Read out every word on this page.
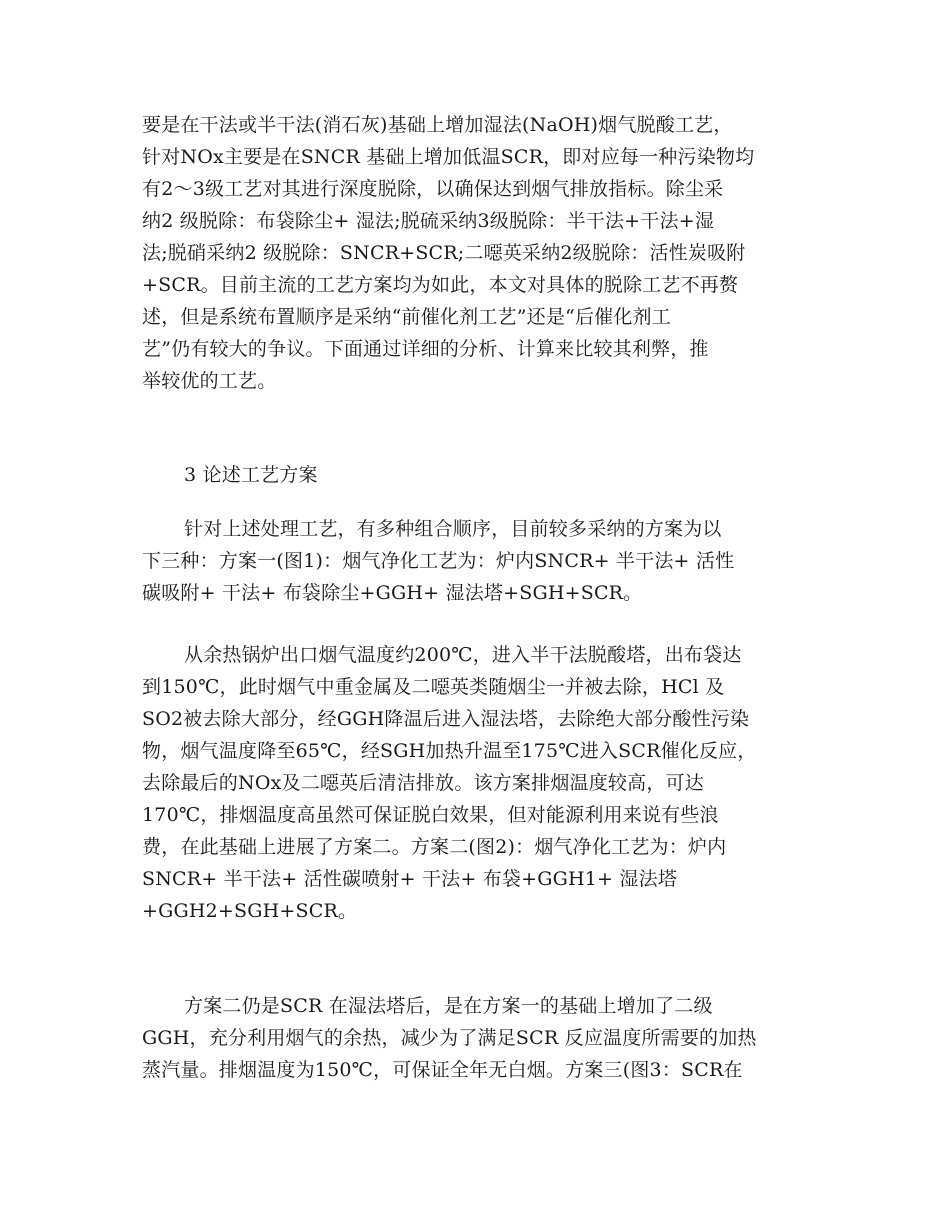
要是在干法或半干法(消石灰)基础上增加湿法(NaOH)烟气脱酸工艺，
针对NOx主要是在SNCR 基础上增加低温SCR，即对应每一种污染物均
有2～3级工艺对其进行深度脱除，以确保达到烟气排放指标。除尘采
纳2 级脱除：布袋除尘+ 湿法;脱硫采纳3级脱除：半干法+干法+湿
法;脱硝采纳2 级脱除：SNCR+SCR;二噁英采纳2级脱除：活性炭吸附
+SCR。目前主流的工艺方案均为如此，本文对具体的脱除工艺不再赘
述，但是系统布置顺序是采纳“前催化剂工艺”还是“后催化剂工
艺”仍有较大的争议。下面通过详细的分析、计算来比较其利弊，推
举较优的工艺。

3 论述工艺方案

针对上述处理工艺，有多种组合顺序，目前较多采纳的方案为以
下三种：方案一(图1)：烟气净化工艺为：炉内SNCR+ 半干法+ 活性
碳吸附+ 干法+ 布袋除尘+GGH+ 湿法塔+SGH+SCR。

从余热锅炉出口烟气温度约200℃，进入半干法脱酸塔，出布袋达
到150℃，此时烟气中重金属及二噁英类随烟尘一并被去除，HCl 及
SO2被去除大部分，经GGH降温后进入湿法塔，去除绝大部分酸性污染
物，烟气温度降至65℃，经SGH加热升温至175℃进入SCR催化反应，
去除最后的NOx及二噁英后清洁排放。该方案排烟温度较高，可达
170℃，排烟温度高虽然可保证脱白效果，但对能源利用来说有些浪
费，在此基础上进展了方案二。方案二(图2)：烟气净化工艺为：炉内
SNCR+ 半干法+ 活性碳喷射+ 干法+ 布袋+GGH1+ 湿法塔
+GGH2+SGH+SCR。

方案二仍是SCR 在湿法塔后，是在方案一的基础上增加了二级
GGH，充分利用烟气的余热，减少为了满足SCR 反应温度所需要的加热
蒸汽量。排烟温度为150℃，可保证全年无白烟。方案三(图3：SCR在
